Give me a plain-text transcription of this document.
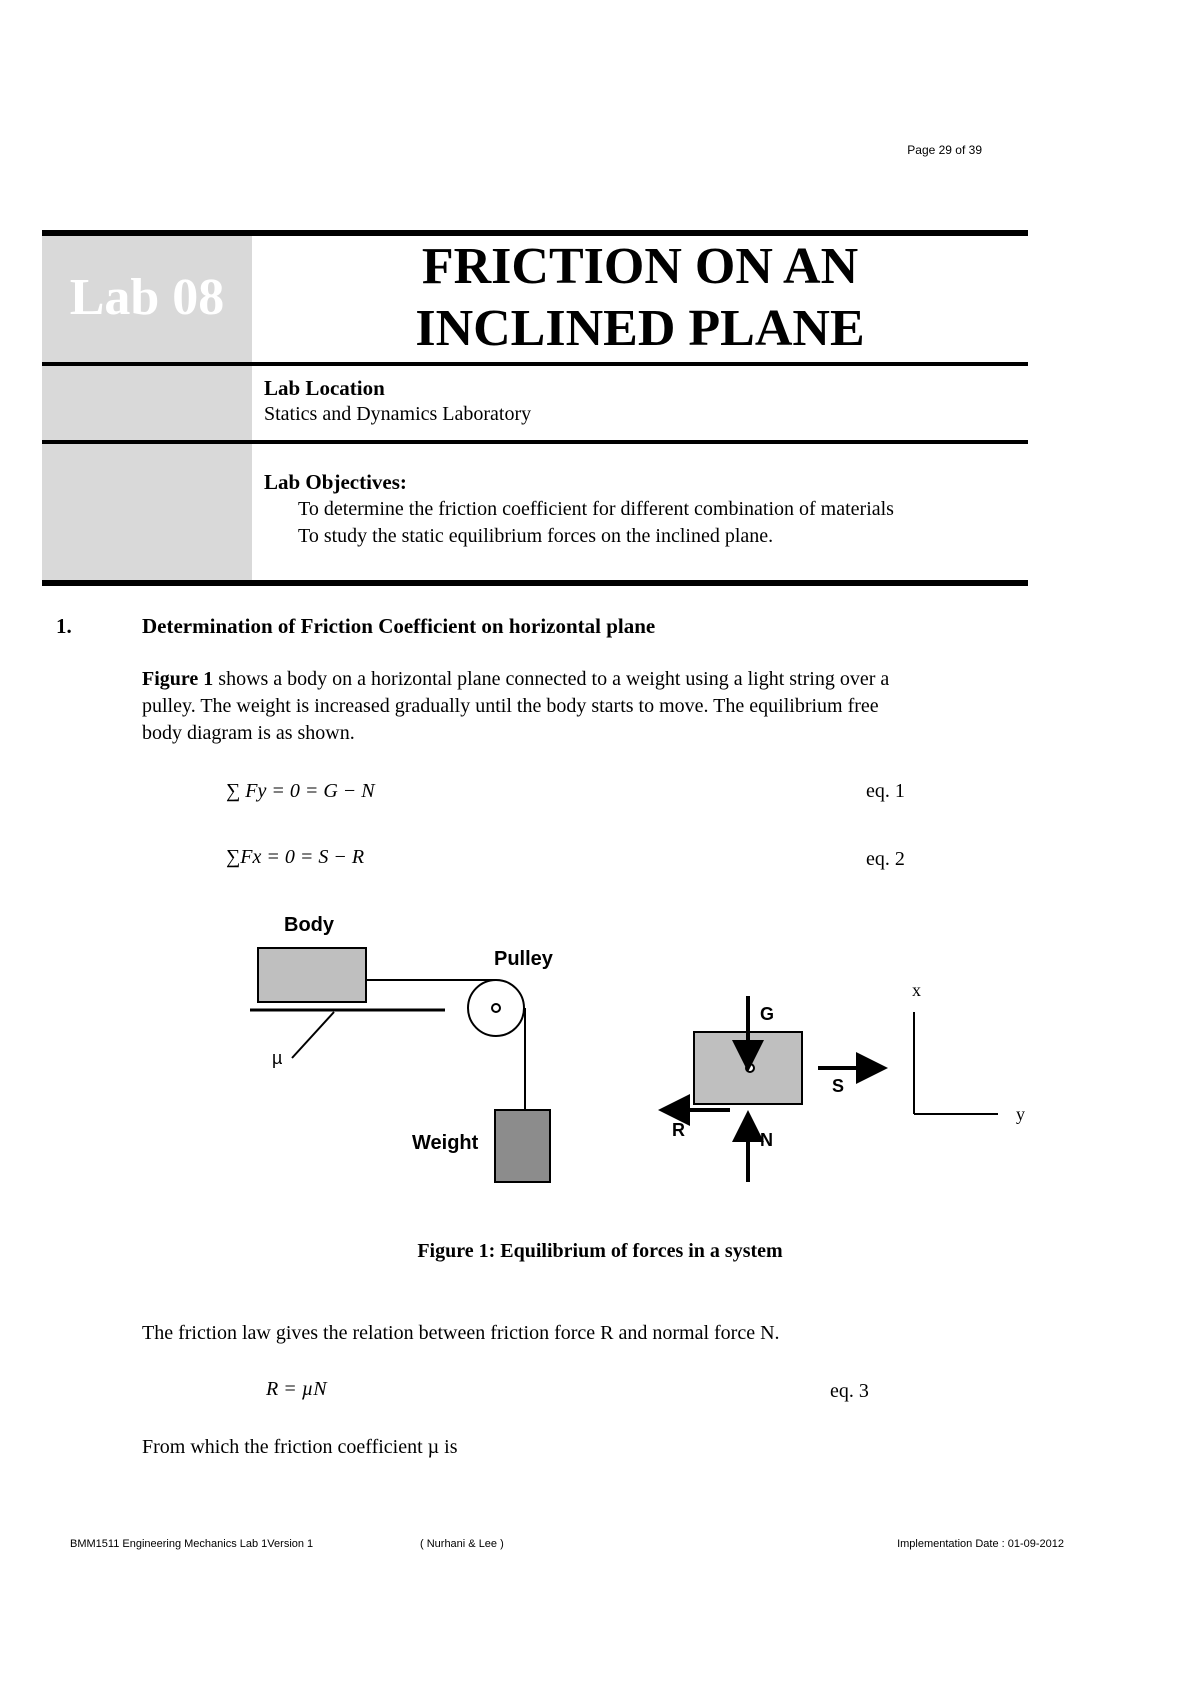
Page 29 of 39
Lab 08
FRICTION ON AN
INCLINED PLANE
Lab Location
Statics and Dynamics Laboratory
Lab Objectives:
To determine the friction coefficient for different combination of materials
To study the static equilibrium forces on the inclined plane.
1.	Determination of Friction Coefficient on horizontal plane
Figure 1 shows a body on a horizontal plane connected to a weight using a light string over a
pulley. The weight is increased gradually until the body starts to move. The equilibrium free
body diagram is as shown.
∑ Fy = 0 = G − N	eq. 1
∑Fx = 0 = S − R	eq. 2
Body
Pulley
µ
Weight
G
S
R	N
x
y
Figure 1: Equilibrium of forces in a system
The friction law gives the relation between friction force R and normal force N.
R = µN	eq. 3
From which the friction coefficient µ is
BMM1511 Engineering Mechanics Lab 1Version 1	( Nurhani & Lee )	Implementation Date : 01-09-2012
